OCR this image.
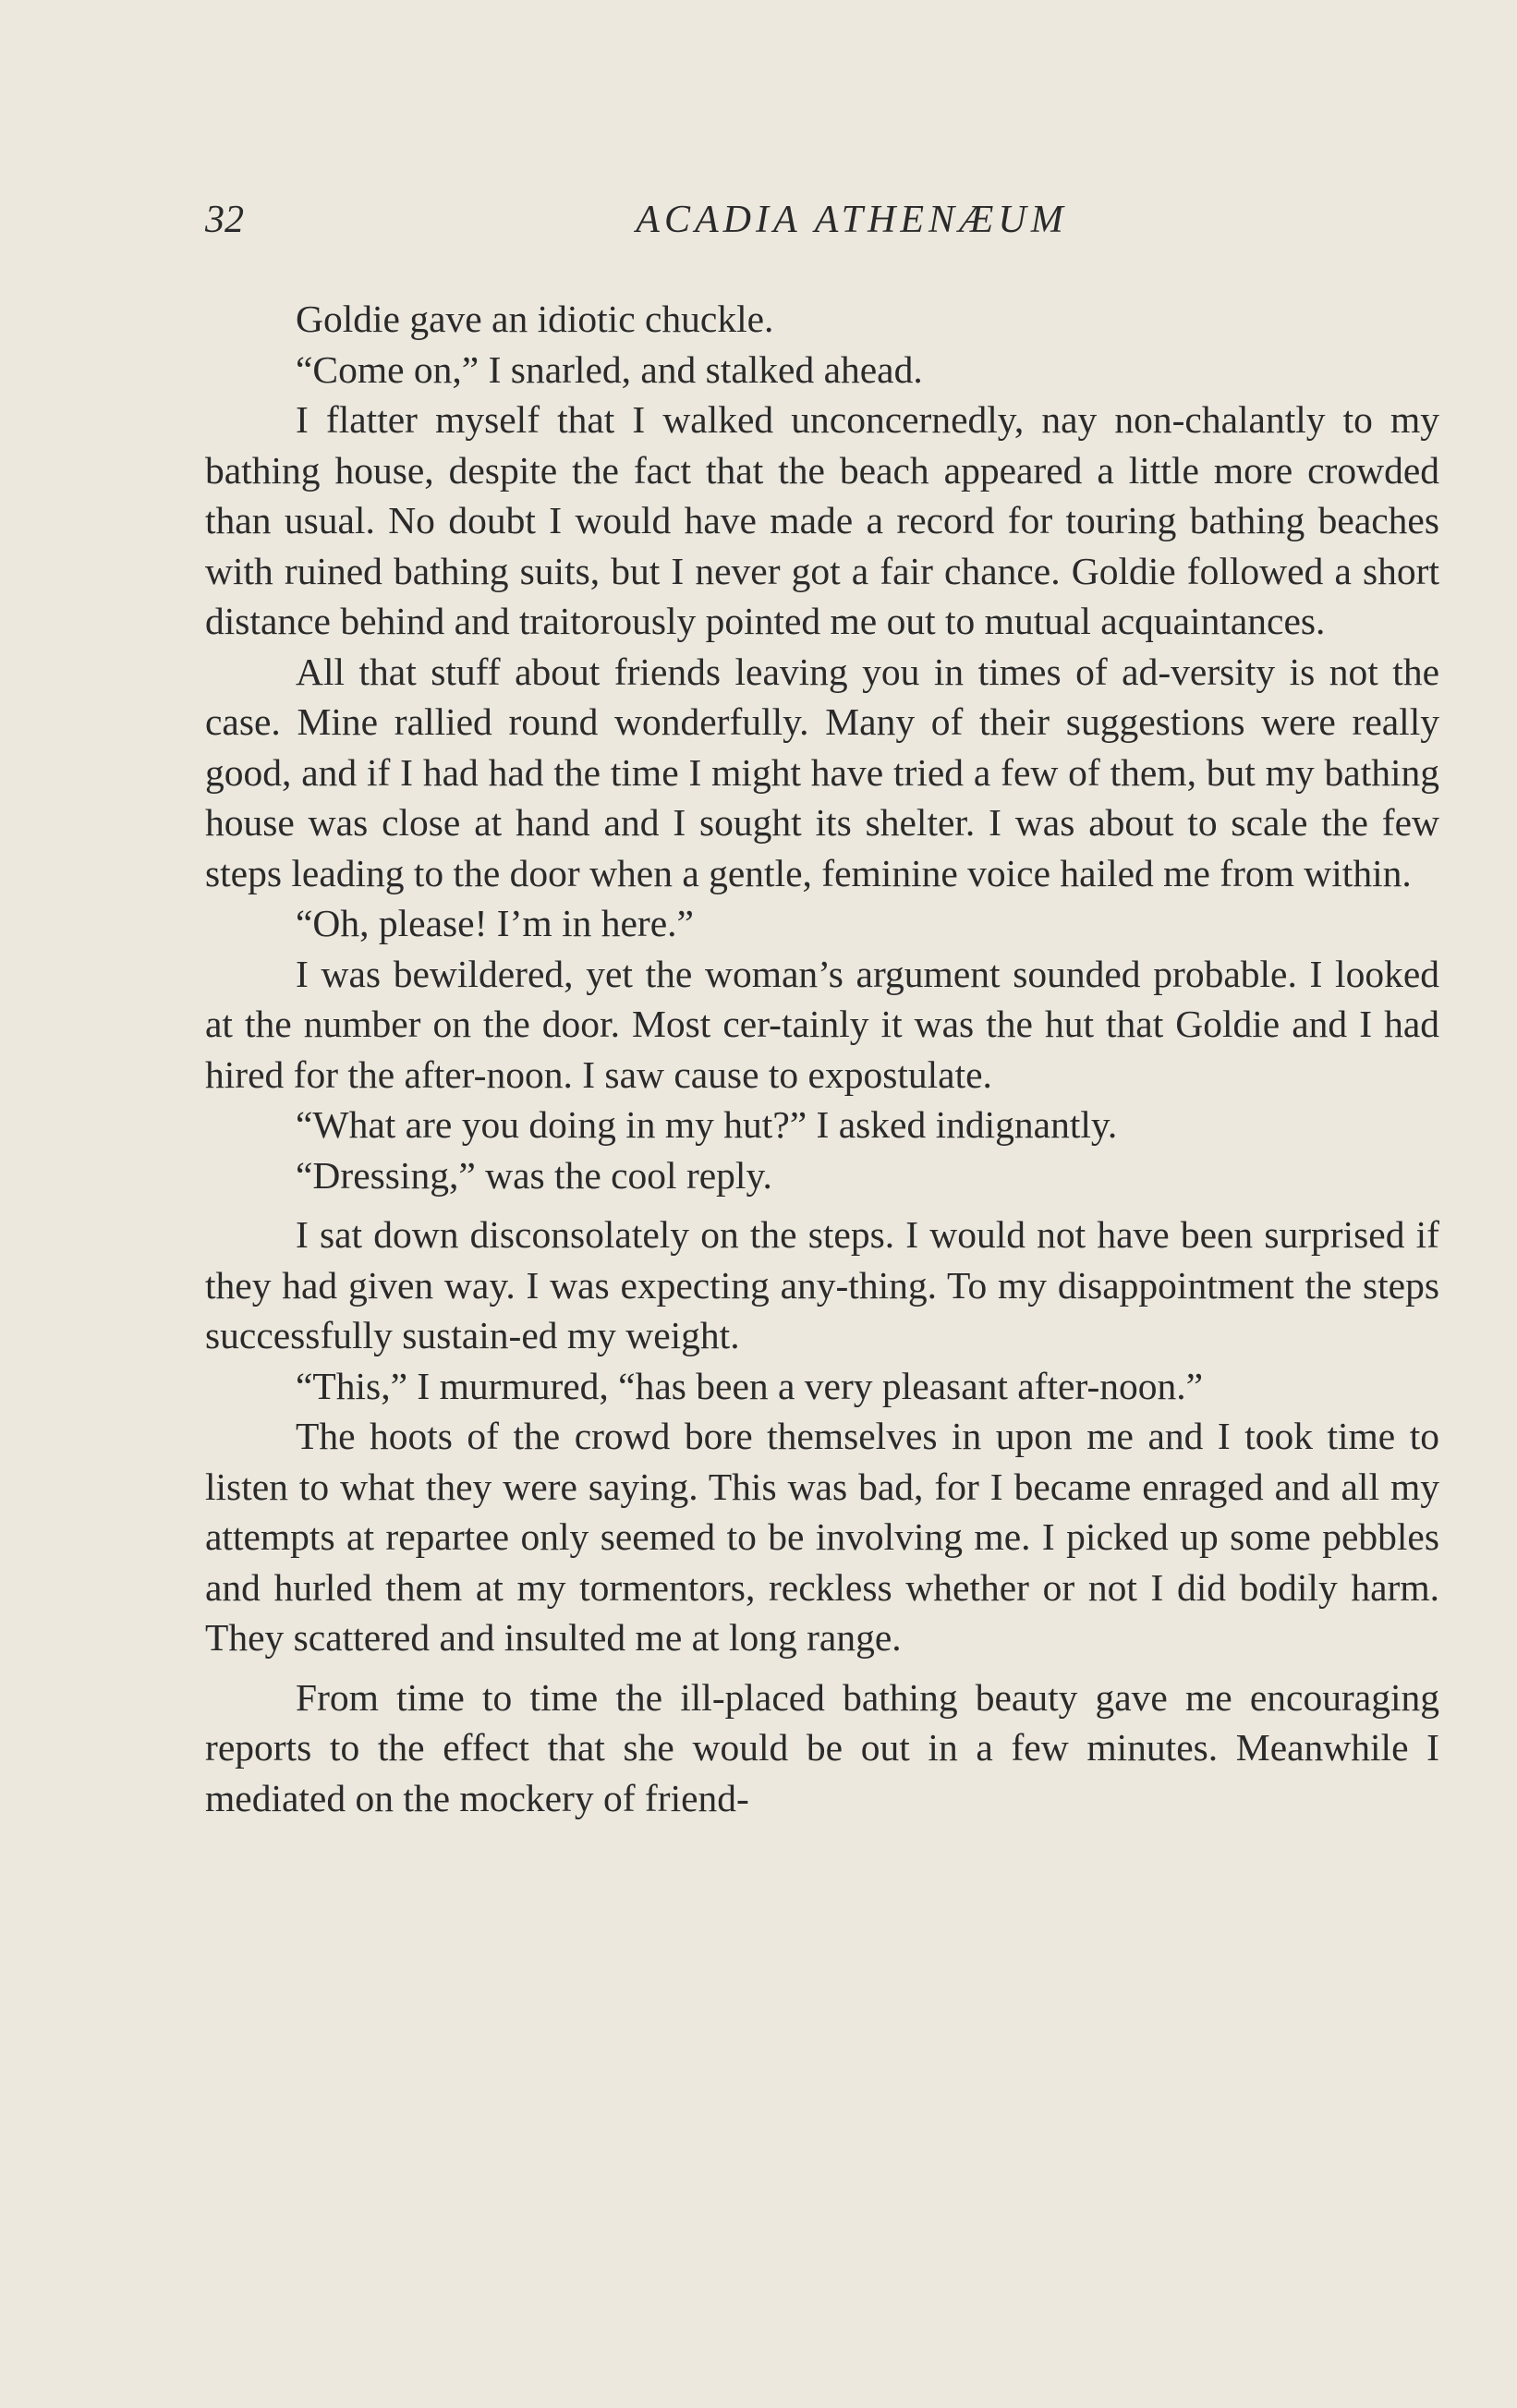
32	ACADIA ATHENÆUM

Goldie gave an idiotic chuckle.

“Come on,” I snarled, and stalked ahead.

I flatter myself that I walked unconcernedly, nay non-chalantly to my bathing house, despite the fact that the beach appeared a little more crowded than usual. No doubt I would have made a record for touring bathing beaches with ruined bathing suits, but I never got a fair chance. Goldie followed a short distance behind and traitorously pointed me out to mutual acquaintances.

All that stuff about friends leaving you in times of ad-versity is not the case. Mine rallied round wonderfully. Many of their suggestions were really good, and if I had had the time I might have tried a few of them, but my bathing house was close at hand and I sought its shelter. I was about to scale the few steps leading to the door when a gentle, feminine voice hailed me from within.

“Oh, please! I’m in here.”

I was bewildered, yet the woman’s argument sounded probable. I looked at the number on the door. Most cer-tainly it was the hut that Goldie and I had hired for the after-noon. I saw cause to expostulate.

“What are you doing in my hut?” I asked indignantly.

“Dressing,” was the cool reply.

I sat down disconsolately on the steps. I would not have been surprised if they had given way. I was expecting any-thing. To my disappointment the steps successfully sustain-ed my weight.

“This,” I murmured, “has been a very pleasant after-noon.”

The hoots of the crowd bore themselves in upon me and I took time to listen to what they were saying. This was bad, for I became enraged and all my attempts at repartee only seemed to be involving me. I picked up some pebbles and hurled them at my tormentors, reckless whether or not I did bodily harm. They scattered and insulted me at long range.

From time to time the ill-placed bathing beauty gave me encouraging reports to the effect that she would be out in a few minutes. Meanwhile I mediated on the mockery of friend-
